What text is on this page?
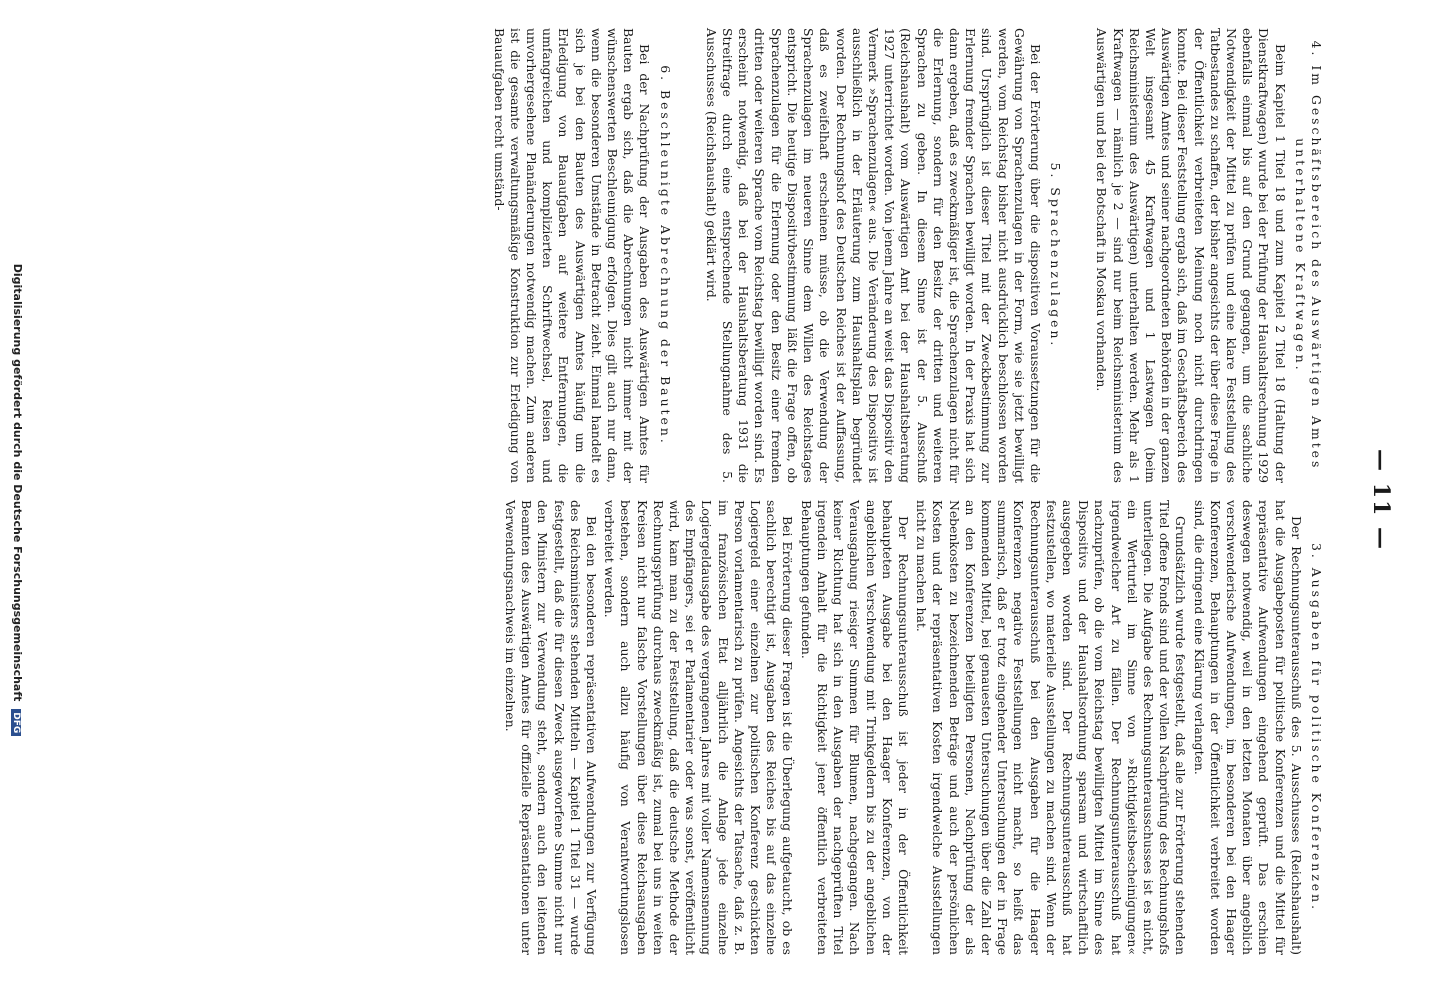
— 11 —
3. Ausgaben für politische Konferenzen.

Der Rechnungsunterausschuß des 5. Ausschusses (Reichshaushalt) hat die Ausgabeposten für politische Konferenzen und die Mittel für repräsentative Aufwendungen eingehend geprüft. Das erschien deswegen notwendig, weil in den letzten Monaten über angeblich verschwenderische Aufwendungen, im besonderen bei den Haager Konferenzen, Behauptungen in der Öffentlichkeit verbreitet worden sind, die dringend eine Klärung verlangten.

Grundsätzlich wurde festgestellt, daß alle zur Erörterung stehenden Titel offene Fonds sind und der vollen Nachprüfung des Rechnungshofs unterliegen. Die Aufgabe des Rechnungsunterausschusses ist es nicht, ein Werturteil im Sinne von »Richtigkeitsbescheinigungen« irgendwelcher Art zu fällen. Der Rechnungsunterausschuß hat nachzuprüfen, ob die vom Reichstag bewilligten Mittel im Sinne des Dispositivs und der Haushaltsordnung sparsam und wirtschaftlich ausgegeben worden sind. Der Rechnungsunterausschuß hat festzustellen, wo materielle Ausstellungen zu machen sind. Wenn der Rechnungsunterausschuß bei den Ausgaben für die Haager Konferenzen negative Feststellungen nicht macht, so heißt das summarisch, daß er trotz eingehender Untersuchungen der in Frage kommenden Mittel, bei genauesten Untersuchungen über die Zahl der an den Konferenzen beteiligten Personen, Nachprüfung der als Nebenkosten zu bezeichnenden Beträge und auch der persönlichen Kosten und der repräsentativen Kosten irgendwelche Ausstellungen nicht zu machen hat.

Der Rechnungsunterausschuß ist jeder in der Öffentlichkeit behaupteten Ausgabe bei den Haager Konferenzen, von der angeblichen Verschwendung mit Trinkgeldern bis zu der angeblichen Verausgabung riesiger Summen für Blumen, nachgegangen. Nach keiner Richtung hat sich in den Ausgaben der nachgeprüften Titel irgendein Anhalt für die Richtigkeit jener öffentlich verbreiteten Behauptungen gefunden.

Bei Erörterung dieser Fragen ist die Überlegung aufgetaucht, ob es sachlich berechtigt ist, Ausgaben des Reiches bis auf das einzelne Logiergeld einer einzelnen zur politischen Konferenz geschickten Person vorlamentarisch zu prüfen. Angesichts der Tatsache, daß z. B. im französischen Etat alljährlich die Anlage jede einzelne Logiergeldausgabe des vergangenen Jahres mit voller Namensnennung des Empfängers, sei er Parlamentarier oder was sonst, veröffentlicht wird, kam man zu der Feststellung, daß die deutsche Methode der Rechnungsprüfung durchaus zweckmäßig ist, zumal bei uns in weiten Kreisen nicht nur falsche Vorstellungen über diese Reichsausgaben bestehen, sondern auch allzu häufig von Verantwortungslosen verbreitet werden.

Bei den besonderen repräsentativen Aufwendungen zur Verfügung des Reichsministers stehenden Mitteln — Kapitel 1 Titel 31 — wurde festgestellt, daß die für diesen Zweck ausgeworfene Summe nicht nur den Ministern zur Verwendung steht, sondern auch den leitenden Beamten des Auswärtigen Amtes für offizielle Repräsentationen unter Verwendungsnachweis im einzelnen.

4. Im Geschäftsbereich des Auswärtigen Amtes unterhaltene Kraftwagen.

Beim Kapitel 1 Titel 18 und zum Kapitel 2 Titel 18 (Haltung der Dienstkraftwagen) wurde bei der Prüfung der Haushaltsrechnung 1929 ebenfalls einmal bis auf den Grund gegangen, um die sachliche Notwendigkeit der Mittel zu prüfen und eine klare Feststellung des Tatbestandes zu schaffen, der bisher angesichts der über diese Frage in der Öffentlichkeit verbreiteten Meinung noch nicht durchdringen konnte. Bei dieser Feststellung ergab sich, daß im Geschäftsbereich des Auswärtigen Amtes und seiner nachgeordneten Behörden in der ganzen Welt insgesamt 45 Kraftwagen und 1 Lastwagen (beim Reichsministerium des Auswärtigen) unterhalten werden. Mehr als 1 Kraftwagen — nämlich je 2 — sind nur beim Reichsministerium des Auswärtigen und bei der Botschaft in Moskau vorhanden.

5. Sprachenzulagen.

Bei der Erörterung über die dispositiven Voraussetzungen für die Gewährung von Sprachenzulagen in der Form, wie sie jetzt bewilligt werden, vom Reichstag bisher nicht ausdrücklich beschlossen worden sind. Ursprünglich ist dieser Titel mit der Zweckbestimmung zur Erlernung fremder Sprachen bewilligt worden. In der Praxis hat sich dann ergeben, daß es zweckmäßiger ist, die Sprachenzulagen nicht für die Erlernung, sondern für den Besitz der dritten und weiteren Sprachen zu geben. In diesem Sinne ist der 5. Ausschuß (Reichshaushalt) vom Auswärtigen Amt bei der Haushaltsberatung 1927 unterrichtet worden. Von jenem Jahre an weist das Dispositiv den Vermerk »Sprachenzulagen« aus. Die Veränderung des Dispositivs ist ausschließlich in der Erläuterung zum Haushaltsplan begründet worden. Der Rechnungshof des Deutschen Reiches ist der Auffassung, daß es zweifelhaft erscheinen müsse, ob die Verwendung der Sprachenzulagen im neueren Sinne dem Willen des Reichstages entspricht. Die heutige Dispositivbestimmung läßt die Frage offen, ob Sprachenzulagen für die Erlernung oder den Besitz einer fremden dritten oder weiteren Sprache vom Reichstag bewilligt worden sind. Es erscheint notwendig, daß bei der Haushaltsberatung 1931 die Streitfrage durch eine entsprechende Stellungnahme des 5. Ausschusses (Reichshaushalt) geklärt wird.

6. Beschleunigte Abrechnung der Bauten.

Bei der Nachprüfung der Ausgaben des Auswärtigen Amtes für Bauten ergab sich, daß die Abrechnungen nicht immer mit der wünschenswerten Beschleunigung erfolgen. Dies gilt auch nur dann, wenn die besonderen Umstände in Betracht zieht. Einmal handelt es sich je bei den Bauten des Auswärtigen Amtes häufig um die Erledigung von Bauaufgaben auf weitere Entfernungen, die umfangreichen und komplizierten Schriftwechsel, Reisen und unvorhergesehene Planänderungen notwendig machen. Zum anderen ist die gesamte verwaltungsmäßige Konstruktion zur Erledigung von Bauaufgaben recht umständ-

Digitalisierung gefördert durch die Deutsche Forschungsgemeinschaft DFG
